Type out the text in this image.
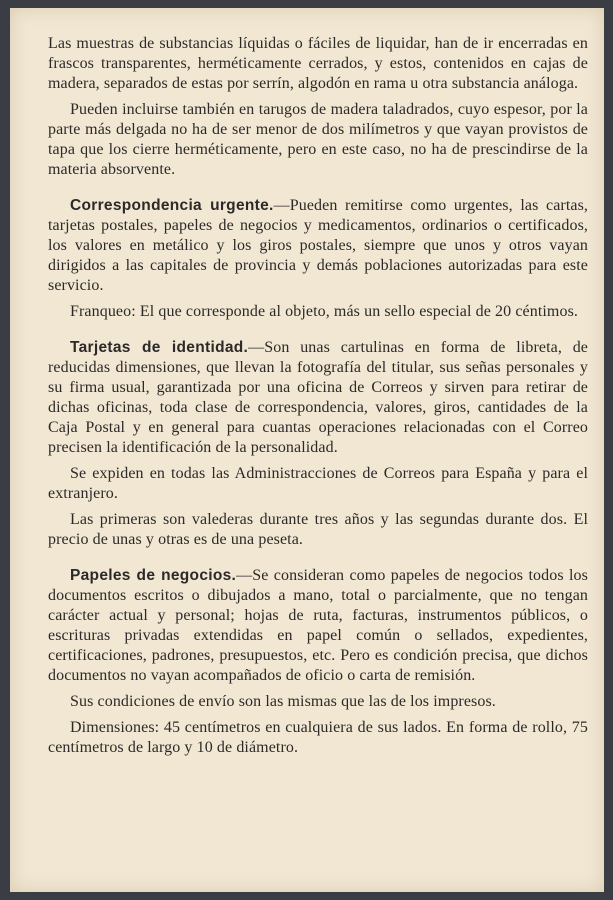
Las muestras de substancias líquidas o fáciles de liquidar, han de ir encerradas en frascos transparentes, herméticamente cerrados, y estos, contenidos en cajas de madera, separados de estas por serrín, algodón en rama u otra substancia análoga.

Pueden incluirse también en tarugos de madera taladrados, cuyo espesor, por la parte más delgada no ha de ser menor de dos milímetros y que vayan provistos de tapa que los cierre herméticamente, pero en este caso, no ha de prescindirse de la materia absorvente.

Correspondencia urgente.—Pueden remitirse como urgentes, las cartas, tarjetas postales, papeles de negocios y medicamentos, ordinarios o certificados, los valores en metálico y los giros postales, siempre que unos y otros vayan dirigidos a las capitales de provincia y demás poblaciones autorizadas para este servicio.

Franqueo: El que corresponde al objeto, más un sello especial de 20 céntimos.

Tarjetas de identidad.—Son unas cartulinas en forma de libreta, de reducidas dimensiones, que llevan la fotografía del titular, sus señas personales y su firma usual, garantizada por una oficina de Correos y sirven para retirar de dichas oficinas, toda clase de correspondencia, valores, giros, cantidades de la Caja Postal y en general para cuantas operaciones relacionadas con el Correo precisen la identificación de la personalidad.

Se expiden en todas las Administracciones de Correos para España y para el extranjero.

Las primeras son valederas durante tres años y las segundas durante dos. El precio de unas y otras es de una peseta.

Papeles de negocios.—Se consideran como papeles de negocios todos los documentos escritos o dibujados a mano, total o parcialmente, que no tengan carácter actual y personal; hojas de ruta, facturas, instrumentos públicos, o escrituras privadas extendidas en papel común o sellados, expedientes, certificaciones, padrones, presupuestos, etc. Pero es condición precisa, que dichos documentos no vayan acompañados de oficio o carta de remisión.

Sus condiciones de envío son las mismas que las de los impresos.

Dimensiones: 45 centímetros en cualquiera de sus lados. En forma de rollo, 75 centímetros de largo y 10 de diámetro.
